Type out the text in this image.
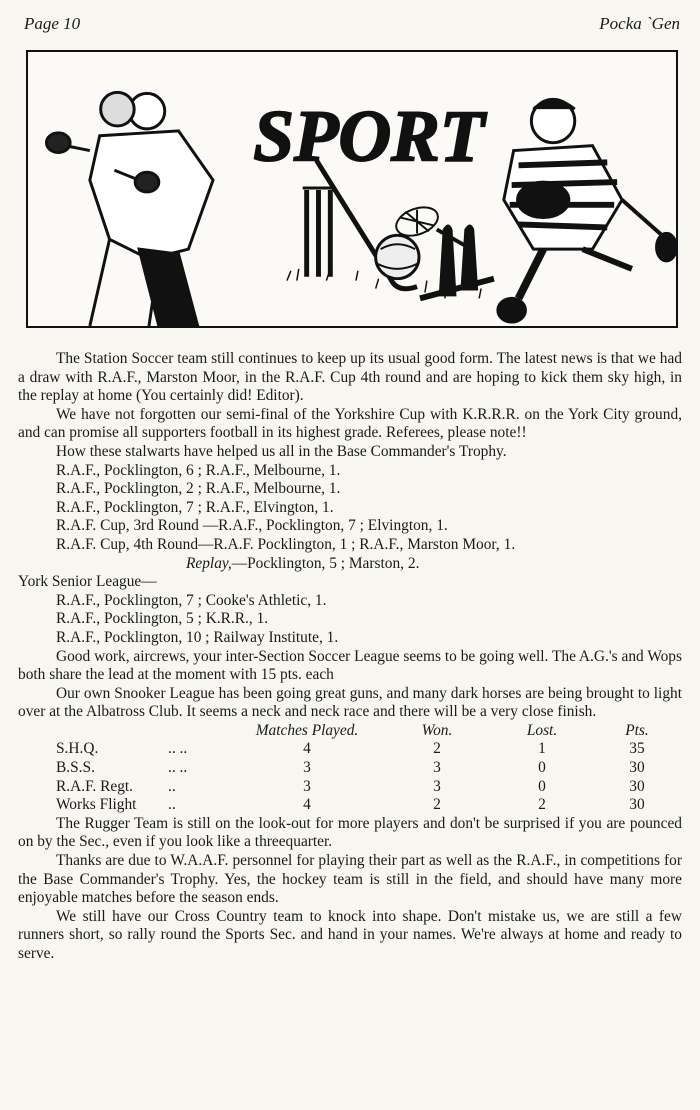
Page 10	Pocka `Gen
SPORT

The Station Soccer team still continues to keep up its usual good form. The latest news is that we had a draw with R.A.F., Marston Moor, in the R.A.F. Cup 4th round and are hoping to kick them sky high, in the replay at home (You certainly did! Editor).

We have not forgotten our semi-final of the Yorkshire Cup with K.R.R.R. on the York City ground, and can promise all supporters football in its highest grade. Referees, please note!!

How these stalwarts have helped us all in the Base Commander's Trophy.

R.A.F., Pocklington, 6 ; R.A.F., Melbourne, 1.

R.A.F., Pocklington, 2 ; R.A.F., Melbourne, 1.

R.A.F., Pocklington, 7 ; R.A.F., Elvington, 1.

R.A.F. Cup, 3rd Round —R.A.F., Pocklington, 7 ; Elvington, 1.

R.A.F. Cup, 4th Round—R.A.F. Pocklington, 1 ; R.A.F., Marston Moor, 1.

Replay,—Pocklington, 5 ; Marston, 2.

York Senior League—

R.A.F., Pocklington, 7 ; Cooke's Athletic, 1.

R.A.F., Pocklington, 5 ; K.R.R., 1.

R.A.F., Pocklington, 10 ; Railway Institute, 1.

Good work, aircrews, your inter-Section Soccer League seems to be going well. The A.G.'s and Wops both share the lead at the moment with 15 pts. each

Our own Snooker League has been going great guns, and many dark horses are being brought to light over at the Albatross Club. It seems a neck and neck race and there will be a very close finish.

		Matches Played.	Won.	Lost.	Pts.
S.H.Q.	.. ..	4	2	1	35
B.S.S.	.. ..	3	3	0	30
R.A.F. Regt.	..	3	3	0	30
Works Flight	..	4	2	2	30

The Rugger Team is still on the look-out for more players and don't be surprised if you are pounced on by the Sec., even if you look like a threequarter.

Thanks are due to W.A.A.F. personnel for playing their part as well as the R.A.F., in competitions for the Base Commander's Trophy. Yes, the hockey team is still in the field, and should have many more enjoyable matches before the season ends.

We still have our Cross Country team to knock into shape. Don't mistake us, we are still a few runners short, so rally round the Sports Sec. and hand in your names. We're always at home and ready to serve.
